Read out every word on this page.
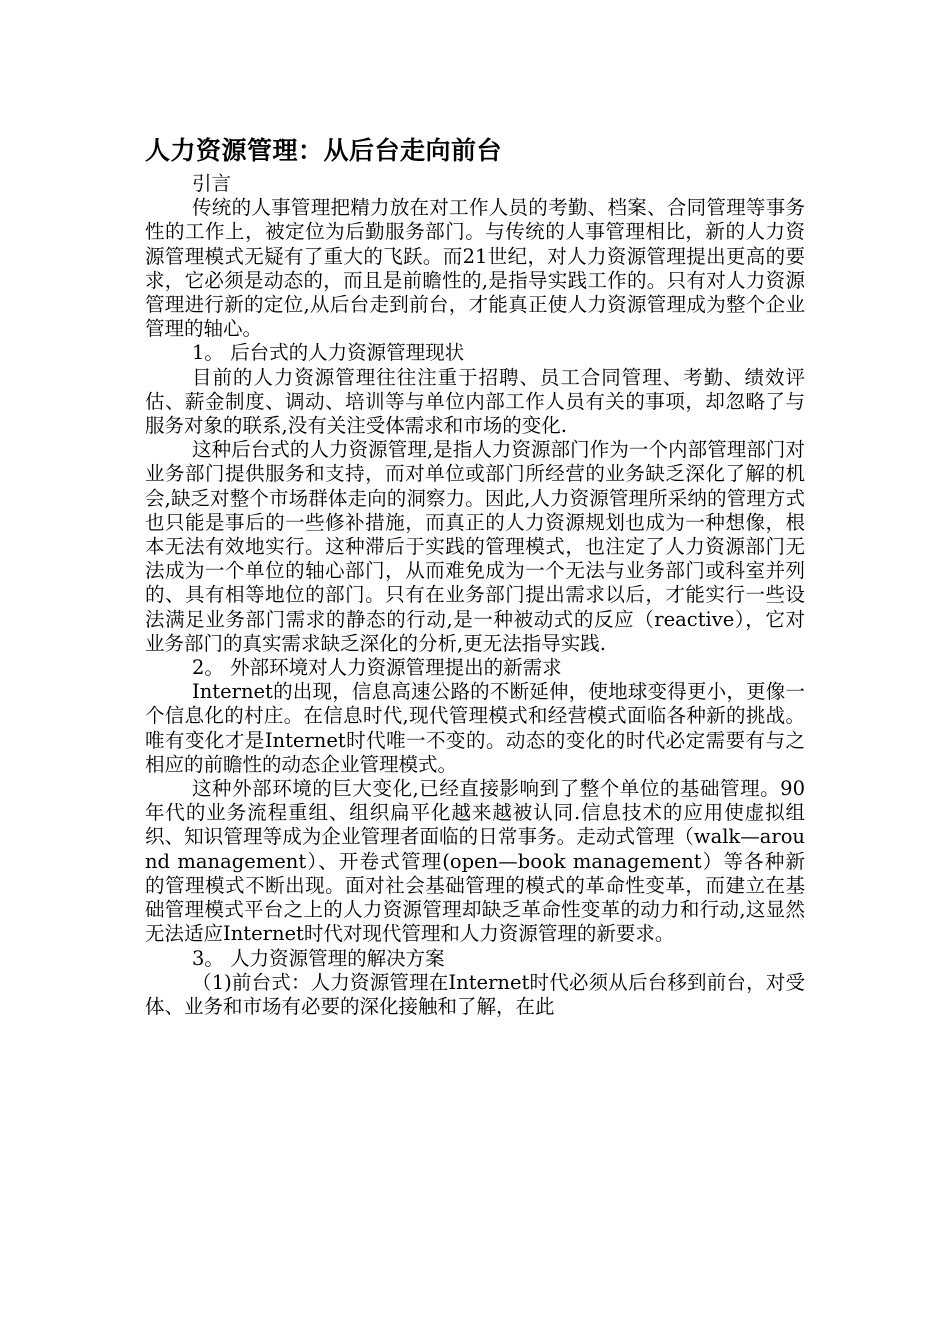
人力资源管理：从后台走向前台

引言

传统的人事管理把精力放在对工作人员的考勤、档案、合同管理等事务性的工作上，被定位为后勤服务部门。与传统的人事管理相比，新的人力资源管理模式无疑有了重大的飞跃。而21世纪，对人力资源管理提出更高的要求，它必须是动态的，而且是前瞻性的,是指导实践工作的。只有对人力资源管理进行新的定位,从后台走到前台，才能真正使人力资源管理成为整个企业管理的轴心。

1。 后台式的人力资源管理现状

目前的人力资源管理往往注重于招聘、员工合同管理、考勤、绩效评估、薪金制度、调动、培训等与单位内部工作人员有关的事项，却忽略了与服务对象的联系,没有关注受体需求和市场的变化.

这种后台式的人力资源管理,是指人力资源部门作为一个内部管理部门对业务部门提供服务和支持，而对单位或部门所经营的业务缺乏深化了解的机会,缺乏对整个市场群体走向的洞察力。因此,人力资源管理所采纳的管理方式也只能是事后的一些修补措施，而真正的人力资源规划也成为一种想像，根本无法有效地实行。这种滞后于实践的管理模式，也注定了人力资源部门无法成为一个单位的轴心部门，从而难免成为一个无法与业务部门或科室并列的、具有相等地位的部门。只有在业务部门提出需求以后，才能实行一些设法满足业务部门需求的静态的行动,是一种被动式的反应（reactive），它对业务部门的真实需求缺乏深化的分析,更无法指导实践.

2。 外部环境对人力资源管理提出的新需求

Internet的出现，信息高速公路的不断延伸，使地球变得更小，更像一个信息化的村庄。在信息时代,现代管理模式和经营模式面临各种新的挑战。唯有变化才是Internet时代唯一不变的。动态的变化的时代必定需要有与之相应的前瞻性的动态企业管理模式。

这种外部环境的巨大变化,已经直接影响到了整个单位的基础管理。90年代的业务流程重组、组织扁平化越来越被认同.信息技术的应用使虚拟组织、知识管理等成为企业管理者面临的日常事务。走动式管理（walk—around management）、开卷式管理(open—book management）等各种新的管理模式不断出现。面对社会基础管理的模式的革命性变革，而建立在基础管理模式平台之上的人力资源管理却缺乏革命性变革的动力和行动,这显然无法适应Internet时代对现代管理和人力资源管理的新要求。

3。 人力资源管理的解决方案

（1)前台式：人力资源管理在Internet时代必须从后台移到前台，对受体、业务和市场有必要的深化接触和了解，在此
